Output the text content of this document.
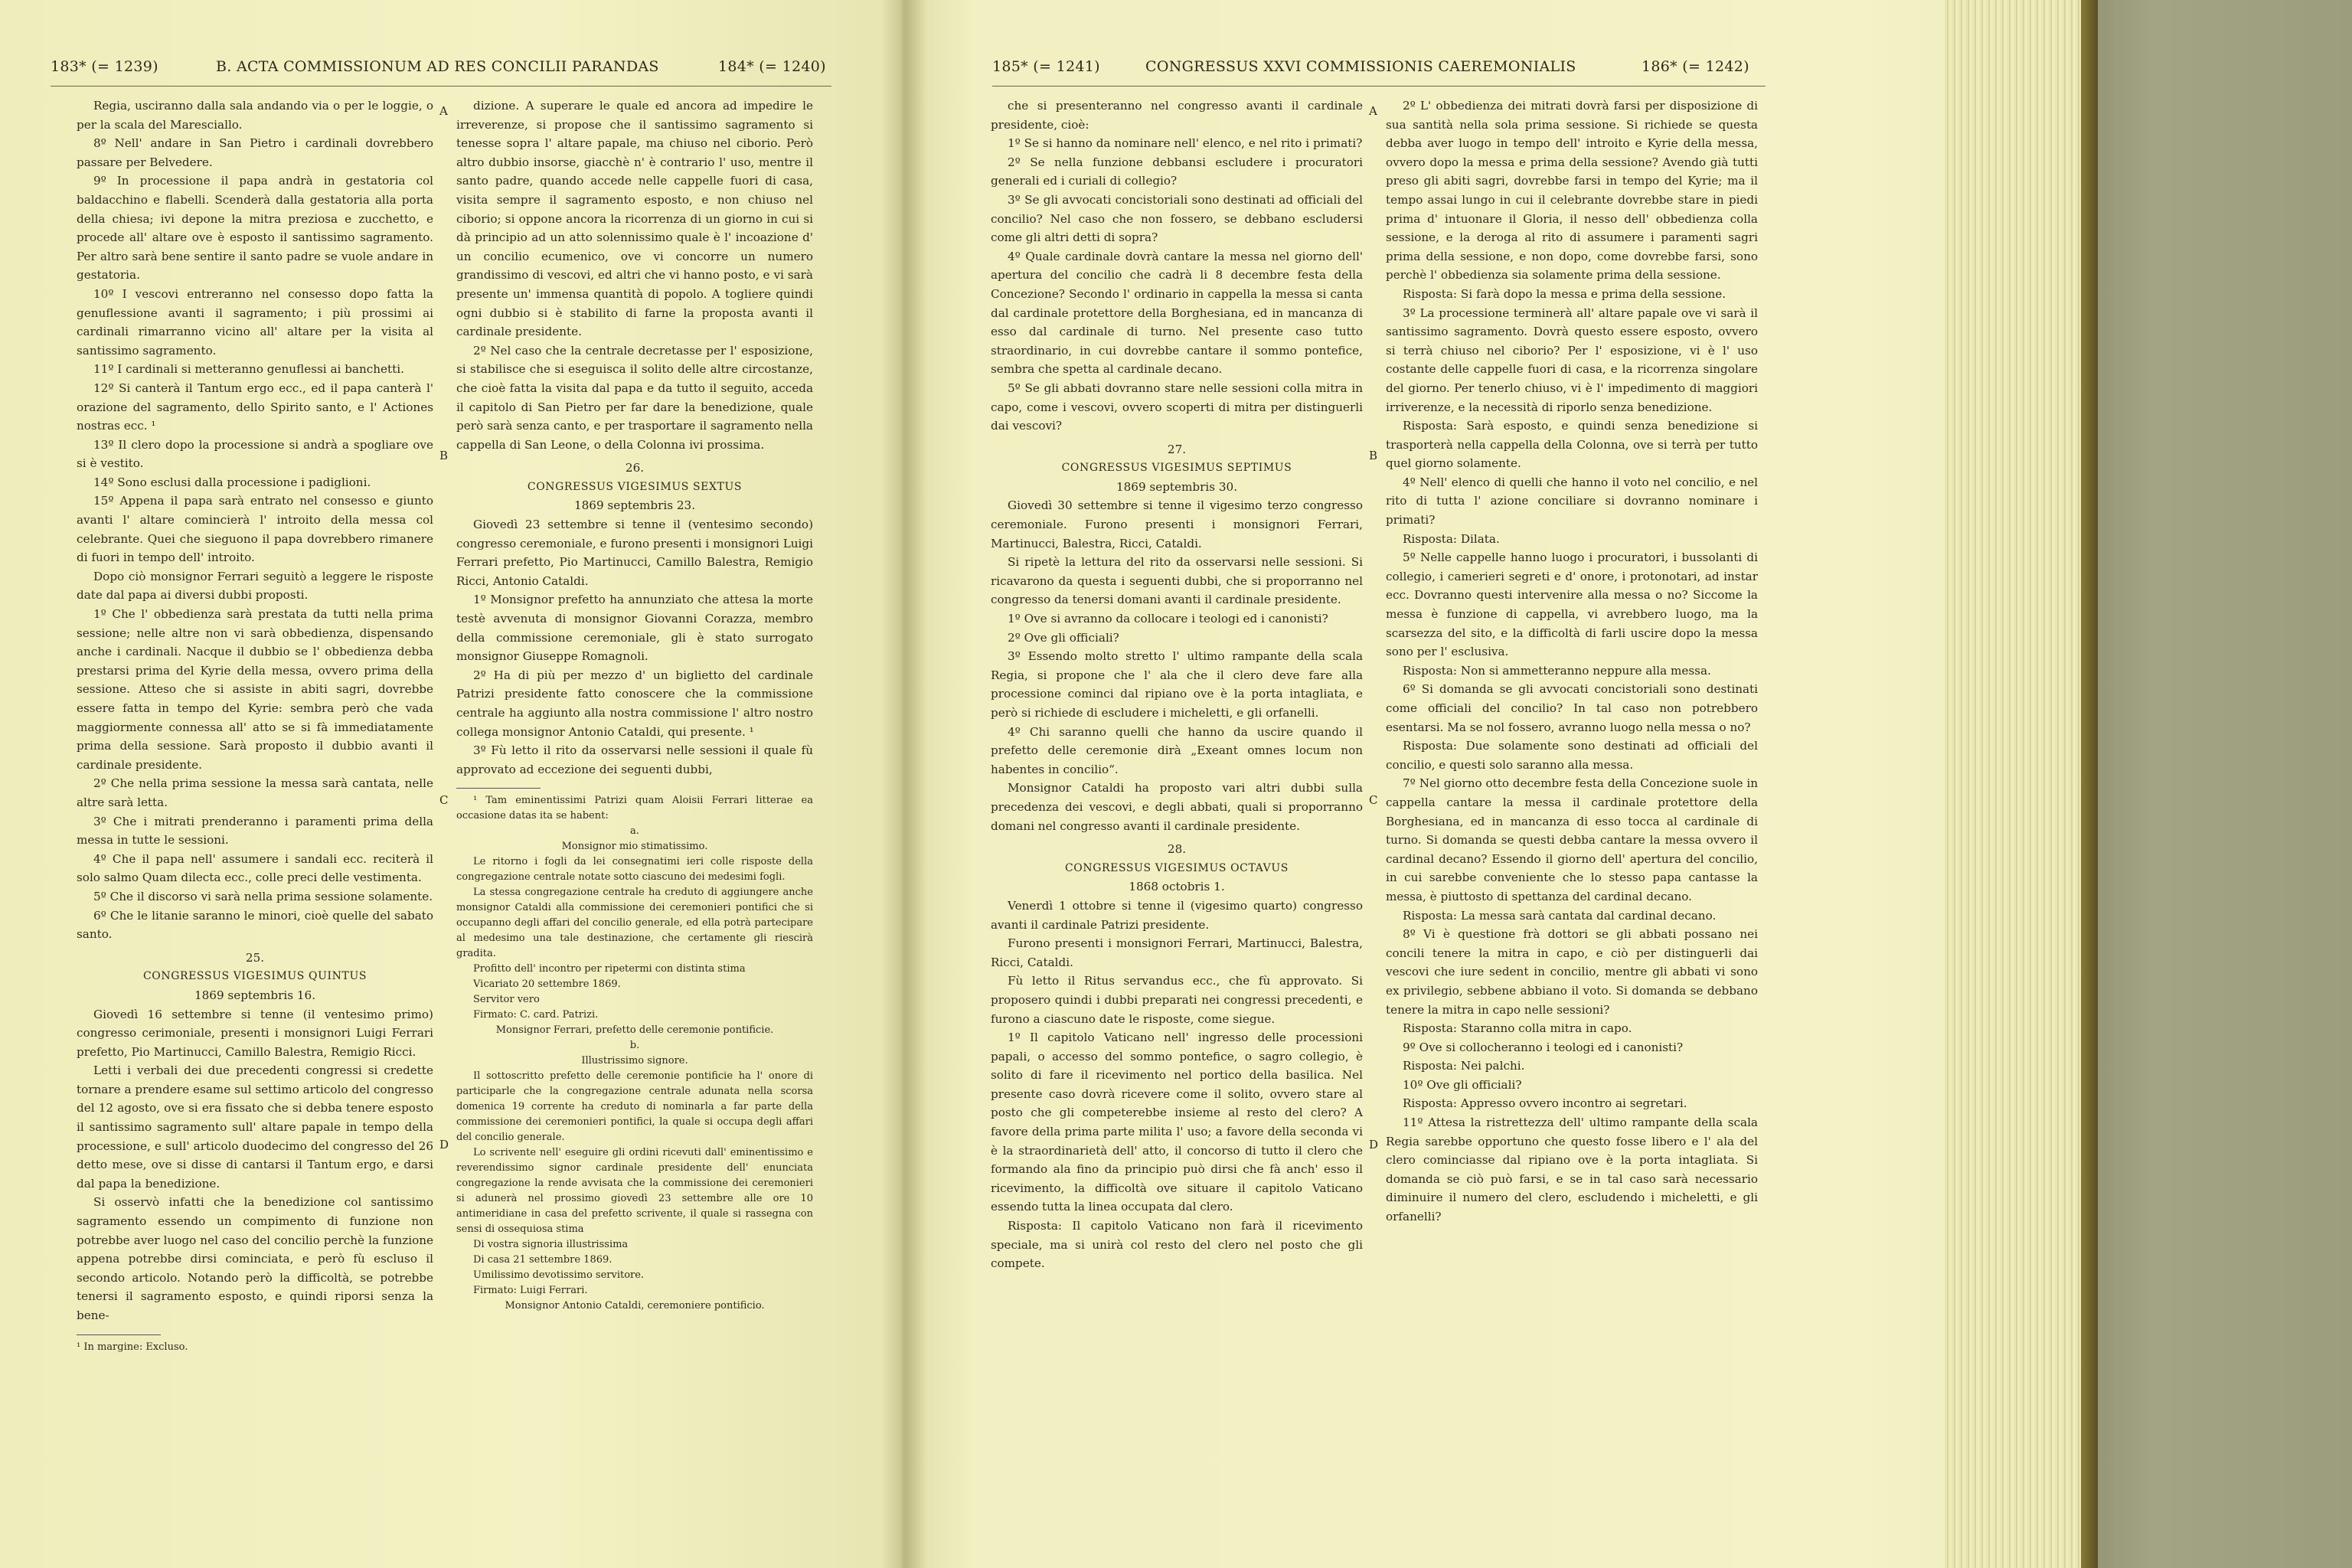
183* (= 1239)	B. ACTA COMMISSIONUM AD RES CONCILII PARANDAS	184* (= 1240)

Regia, usciranno dalla sala andando via o per le loggie, o per la scala del Maresciallo.

8º Nell' andare in San Pietro i cardinali dovrebbero passare per Belvedere.

9º In processione il papa andrà in gestatoria col baldacchino e flabelli. Scenderà dalla gestatoria alla porta della chiesa; ivi depone la mitra preziosa e zucchetto, e procede all' altare ove è esposto il santissimo sagramento. Per altro sarà bene sentire il santo padre se vuole andare in gestatoria.

10º I vescovi entreranno nel consesso dopo fatta la genuflessione avanti il sagramento; i più prossimi ai cardinali rimarranno vicino all' altare per la visita al santissimo sagramento.

11º I cardinali si metteranno genuflessi ai banchetti.

12º Si canterà il Tantum ergo ecc., ed il papa canterà l' orazione del sagramento, dello Spirito santo, e l' Actiones nostras ecc. ¹

13º Il clero dopo la processione si andrà a spogliare ove si è vestito.

14º Sono esclusi dalla processione i padiglioni.

15º Appena il papa sarà entrato nel consesso e giunto avanti l' altare comincierà l' introito della messa col celebrante. Quei che sieguono il papa dovrebbero rimanere di fuori in tempo dell' introito.

Dopo ciò monsignor Ferrari seguitò a leggere le risposte date dal papa ai diversi dubbi proposti.

1º Che l' obbedienza sarà prestata da tutti nella prima sessione; nelle altre non vi sarà obbedienza, dispensando anche i cardinali. Nacque il dubbio se l' obbedienza debba prestarsi prima del Kyrie della messa, ovvero prima della sessione. Atteso che si assiste in abiti sagri, dovrebbe essere fatta in tempo del Kyrie: sembra però che vada maggiormente connessa all' atto se si fà immediatamente prima della sessione. Sarà proposto il dubbio avanti il cardinale presidente.

2º Che nella prima sessione la messa sarà cantata, nelle altre sarà letta.

3º Che i mitrati prenderanno i paramenti prima della messa in tutte le sessioni.

4º Che il papa nell' assumere i sandali ecc. reciterà il solo salmo Quam dilecta ecc., colle preci delle vestimenta.

5º Che il discorso vi sarà nella prima sessione solamente.

6º Che le litanie saranno le minori, cioè quelle del sabato santo.

25.

CONGRESSUS VIGESIMUS QUINTUS

1869 septembris 16.

Giovedì 16 settembre si tenne (il ventesimo primo) congresso cerimoniale, presenti i monsignori Luigi Ferrari prefetto, Pio Martinucci, Camillo Balestra, Remigio Ricci.

Letti i verbali dei due precedenti congressi si credette tornare a prendere esame sul settimo articolo del congresso del 12 agosto, ove si era fissato che si debba tenere esposto il santissimo sagramento sull' altare papale in tempo della processione, e sull' articolo duodecimo del congresso del 26 detto mese, ove si disse di cantarsi il Tantum ergo, e darsi dal papa la benedizione.

Si osservò infatti che la benedizione col santissimo sagramento essendo un compimento di funzione non potrebbe aver luogo nel caso del concilio perchè la funzione appena potrebbe dirsi cominciata, e però fù escluso il secondo articolo. Notando però la difficoltà, se potrebbe tenersi il sagramento esposto, e quindi riporsi senza la bene-

¹ In margine: Excluso.

dizione. A superare le quale ed ancora ad impedire le irreverenze, si propose che il santissimo sagramento si tenesse sopra l' altare papale, ma chiuso nel ciborio. Però altro dubbio insorse, giacchè n' è contrario l' uso, mentre il santo padre, quando accede nelle cappelle fuori di casa, visita sempre il sagramento esposto, e non chiuso nel ciborio; si oppone ancora la ricorrenza di un giorno in cui si dà principio ad un atto solennissimo quale è l' incoazione d' un concilio ecumenico, ove vi concorre un numero grandissimo di vescovi, ed altri che vi hanno posto, e vi sarà presente un' immensa quantità di popolo. A togliere quindi ogni dubbio si è stabilito di farne la proposta avanti il cardinale presidente.

2º Nel caso che la centrale decretasse per l' esposizione, si stabilisce che si eseguisca il solito delle altre circostanze, che cioè fatta la visita dal papa e da tutto il seguito, acceda il capitolo di San Pietro per far dare la benedizione, quale però sarà senza canto, e per trasportare il sagramento nella cappella di San Leone, o della Colonna ivi prossima.

26.

CONGRESSUS VIGESIMUS SEXTUS

1869 septembris 23.

Giovedì 23 settembre si tenne il (ventesimo secondo) congresso ceremoniale, e furono presenti i monsignori Luigi Ferrari prefetto, Pio Martinucci, Camillo Balestra, Remigio Ricci, Antonio Cataldi.

1º Monsignor prefetto ha annunziato che attesa la morte testè avvenuta di monsignor Giovanni Corazza, membro della commissione ceremoniale, gli è stato surrogato monsignor Giuseppe Romagnoli.

2º Ha di più per mezzo d' un biglietto del cardinale Patrizi presidente fatto conoscere che la commissione centrale ha aggiunto alla nostra commissione l' altro nostro collega monsignor Antonio Cataldi, qui presente. ¹

3º Fù letto il rito da osservarsi nelle sessioni il quale fù approvato ad eccezione dei seguenti dubbi,

¹ Tam eminentissimi Patrizi quam Aloisii Ferrari litterae ea occasione datas ita se habent:

a.

Monsignor mio stimatissimo.

Le ritorno i fogli da lei consegnatimi ieri colle risposte della congregazione centrale notate sotto ciascuno dei medesimi fogli.

La stessa congregazione centrale ha creduto di aggiungere anche monsignor Cataldi alla commissione dei ceremonieri pontifici che si occupanno degli affari del concilio generale, ed ella potrà partecipare al medesimo una tale destinazione, che certamente gli riescirà gradita.

Profitto dell' incontro per ripetermi con distinta stima

Vicariato 20 settembre 1869.

Servitor vero

Firmato: C. card. Patrizi.

Monsignor Ferrari, prefetto delle ceremonie pontificie.

b.

Illustrissimo signore.

Il sottoscritto prefetto delle ceremonie pontificie ha l' onore di participarle che la congregazione centrale adunata nella scorsa domenica 19 corrente ha creduto di nominarla a far parte della commissione dei ceremonieri pontifici, la quale si occupa degli affari del concilio generale.

Lo scrivente nell' eseguire gli ordini ricevuti dall' eminentissimo e reverendissimo signor cardinale presidente dell' enunciata congregazione la rende avvisata che la commissione dei ceremonieri si adunerà nel prossimo giovedì 23 settembre alle ore 10 antimeridiane in casa del prefetto scrivente, il quale si rassegna con sensi di ossequiosa stima

Di vostra signoria illustrissima

Di casa 21 settembre 1869.

Umilissimo devotissimo servitore.

Firmato: Luigi Ferrari.

Monsignor Antonio Cataldi, ceremoniere pontificio.

A
B
C
D
185* (= 1241)	CONGRESSUS XXVI COMMISSIONIS CAEREMONIALIS	186* (= 1242)

che si presenteranno nel congresso avanti il cardinale presidente, cioè:

1º Se si hanno da nominare nell' elenco, e nel rito i primati?

2º Se nella funzione debbansi escludere i procuratori generali ed i curiali di collegio?

3º Se gli avvocati concistoriali sono destinati ad officiali del concilio? Nel caso che non fossero, se debbano escludersi come gli altri detti di sopra?

4º Quale cardinale dovrà cantare la messa nel giorno dell' apertura del concilio che cadrà li 8 decembre festa della Concezione? Secondo l' ordinario in cappella la messa si canta dal cardinale protettore della Borghesiana, ed in mancanza di esso dal cardinale di turno. Nel presente caso tutto straordinario, in cui dovrebbe cantare il sommo pontefice, sembra che spetta al cardinale decano.

5º Se gli abbati dovranno stare nelle sessioni colla mitra in capo, come i vescovi, ovvero scoperti di mitra per distinguerli dai vescovi?

27.

CONGRESSUS VIGESIMUS SEPTIMUS

1869 septembris 30.

Giovedì 30 settembre si tenne il vigesimo terzo congresso ceremoniale. Furono presenti i monsignori Ferrari, Martinucci, Balestra, Ricci, Cataldi.

Si ripetè la lettura del rito da osservarsi nelle sessioni. Si ricavarono da questa i seguenti dubbi, che si proporranno nel congresso da tenersi domani avanti il cardinale presidente.

1º Ove si avranno da collocare i teologi ed i canonisti?

2º Ove gli officiali?

3º Essendo molto stretto l' ultimo rampante della scala Regia, si propone che l' ala che il clero deve fare alla processione cominci dal ripiano ove è la porta intagliata, e però si richiede di escludere i micheletti, e gli orfanelli.

4º Chi saranno quelli che hanno da uscire quando il prefetto delle ceremonie dirà „Exeant omnes locum non habentes in concilio“.

Monsignor Cataldi ha proposto vari altri dubbi sulla precedenza dei vescovi, e degli abbati, quali si proporranno domani nel congresso avanti il cardinale presidente.

28.

CONGRESSUS VIGESIMUS OCTAVUS

1868 octobris 1.

Venerdì 1 ottobre si tenne il (vigesimo quarto) congresso avanti il cardinale Patrizi presidente.

Furono presenti i monsignori Ferrari, Martinucci, Balestra, Ricci, Cataldi.

Fù letto il Ritus servandus ecc., che fù approvato. Si proposero quindi i dubbi preparati nei congressi precedenti, e furono a ciascuno date le risposte, come siegue.

1º Il capitolo Vaticano nell' ingresso delle processioni papali, o accesso del sommo pontefice, o sagro collegio, è solito di fare il ricevimento nel portico della basilica. Nel presente caso dovrà ricevere come il solito, ovvero stare al posto che gli competerebbe insieme al resto del clero? A favore della prima parte milita l' uso; a favore della seconda vi è la straordinarietà dell' atto, il concorso di tutto il clero che formando ala fino da principio può dirsi che fà anch' esso il ricevimento, la difficoltà ove situare il capitolo Vaticano essendo tutta la linea occupata dal clero.

Risposta: Il capitolo Vaticano non farà il ricevimento speciale, ma si unirà col resto del clero nel posto che gli compete.

2º L' obbedienza dei mitrati dovrà farsi per disposizione di sua santità nella sola prima sessione. Si richiede se questa debba aver luogo in tempo dell' introito e Kyrie della messa, ovvero dopo la messa e prima della sessione? Avendo già tutti preso gli abiti sagri, dovrebbe farsi in tempo del Kyrie; ma il tempo assai lungo in cui il celebrante dovrebbe stare in piedi prima d' intuonare il Gloria, il nesso dell' obbedienza colla sessione, e la deroga al rito di assumere i paramenti sagri prima della sessione, e non dopo, come dovrebbe farsi, sono perchè l' obbedienza sia solamente prima della sessione.

Risposta: Si farà dopo la messa e prima della sessione.

3º La processione terminerà all' altare papale ove vi sarà il santissimo sagramento. Dovrà questo essere esposto, ovvero si terrà chiuso nel ciborio? Per l' esposizione, vi è l' uso costante delle cappelle fuori di casa, e la ricorrenza singolare del giorno. Per tenerlo chiuso, vi è l' impedimento di maggiori irriverenze, e la necessità di riporlo senza benedizione.

Risposta: Sarà esposto, e quindi senza benedizione si trasporterà nella cappella della Colonna, ove si terrà per tutto quel giorno solamente.

4º Nell' elenco di quelli che hanno il voto nel concilio, e nel rito di tutta l' azione conciliare si dovranno nominare i primati?

Risposta: Dilata.

5º Nelle cappelle hanno luogo i procuratori, i bussolanti di collegio, i camerieri segreti e d' onore, i protonotari, ad instar ecc. Dovranno questi intervenire alla messa o no? Siccome la messa è funzione di cappella, vi avrebbero luogo, ma la scarsezza del sito, e la difficoltà di farli uscire dopo la messa sono per l' esclusiva.

Risposta: Non si ammetteranno neppure alla messa.

6º Si domanda se gli avvocati concistoriali sono destinati come officiali del concilio? In tal caso non potrebbero esentarsi. Ma se nol fossero, avranno luogo nella messa o no?

Risposta: Due solamente sono destinati ad officiali del concilio, e questi solo saranno alla messa.

7º Nel giorno otto decembre festa della Concezione suole in cappella cantare la messa il cardinale protettore della Borghesiana, ed in mancanza di esso tocca al cardinale di turno. Si domanda se questi debba cantare la messa ovvero il cardinal decano? Essendo il giorno dell' apertura del concilio, in cui sarebbe conveniente che lo stesso papa cantasse la messa, è piuttosto di spettanza del cardinal decano.

Risposta: La messa sarà cantata dal cardinal decano.

8º Vi è questione frà dottori se gli abbati possano nei concili tenere la mitra in capo, e ciò per distinguerli dai vescovi che iure sedent in concilio, mentre gli abbati vi sono ex privilegio, sebbene abbiano il voto. Si domanda se debbano tenere la mitra in capo nelle sessioni?

Risposta: Staranno colla mitra in capo.

9º Ove si collocheranno i teologi ed i canonisti?

Risposta: Nei palchi.

10º Ove gli officiali?

Risposta: Appresso ovvero incontro ai segretari.

11º Attesa la ristrettezza dell' ultimo rampante della scala Regia sarebbe opportuno che questo fosse libero e l' ala del clero cominciasse dal ripiano ove è la porta intagliata. Si domanda se ciò può farsi, e se in tal caso sarà necessario diminuire il numero del clero, escludendo i micheletti, e gli orfanelli?

A
B
C
D
